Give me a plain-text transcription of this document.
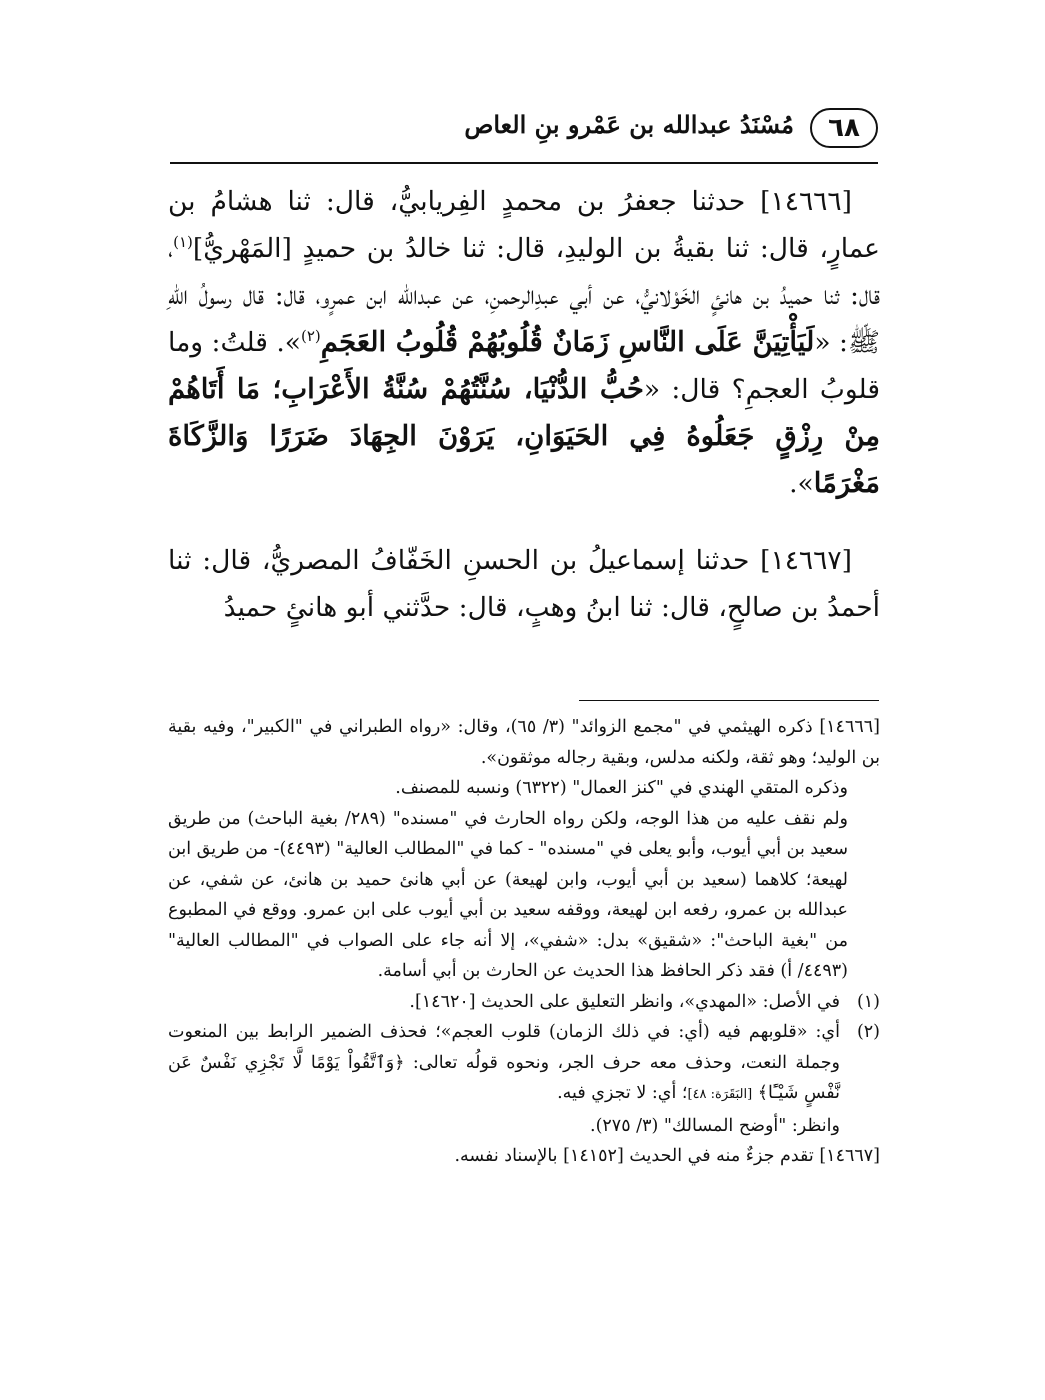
٦٨
مُسْنَدُ عبدالله بن عَمْرو بنِ العاص

[١٤٦٦٦] حدثنا جعفرُ بن محمدٍ الفِريابيُّ، قال: ثنا هشامُ بن عمارٍ، قال: ثنا بقيةُ بن الوليدِ، قال: ثنا خالدُ بن حميدٍ [المَهْريُّ]$^{(١)}$، قال: ثنا حميدُ بن هانئٍ الخَوْلانيُّ، عن أبي عبدِالرحمنِ، عن عبدالله ابن عمرٍو، قال: قال رسولُ اللهِ ﷺ: «لَيَأْتِيَنَّ عَلَى النَّاسِ زَمَانٌ قُلُوبُهُمْ قُلُوبُ العَجَمِ$^{(٢)}$». قلتُ: وما قلوبُ العجمِ؟ قال: «حُبُّ الدُّنْيَا، سُنَّتُهُمْ سُنَّةُ الأَعْرَابِ؛ مَا أَتَاهُمْ مِنْ رِزْقٍ جَعَلُوهُ فِي الحَيَوَانِ، يَرَوْنَ الجِهَادَ ضَرَرًا وَالزَّكَاةَ مَغْرَمًا».

[١٤٦٦٧] حدثنا إسماعيلُ بن الحسنِ الخَفّافُ المصريُّ، قال: ثنا أحمدُ بن صالحٍ، قال: ثنا ابنُ وهبٍ، قال: حدَّثني أبو هانئٍ حميدُ

[١٤٦٦٦] ذكره الهيثمي في "مجمع الزوائد" (٣/ ٦٥)، وقال: «رواه الطبراني في "الكبير"، وفيه بقية بن الوليد؛ وهو ثقة، ولكنه مدلس، وبقية رجاله موثقون».

وذكره المتقي الهندي في "كنز العمال" (٦٣٢٢) ونسبه للمصنف.

ولم نقف عليه من هذا الوجه، ولكن رواه الحارث في "مسنده" (٢٨٩/ بغية الباحث) من طريق سعيد بن أبي أيوب، وأبو يعلى في "مسنده" - كما في "المطالب العالية" (٤٤٩٣)- من طريق ابن لهيعة؛ كلاهما (سعيد بن أبي أيوب، وابن لهيعة) عن أبي هانئ حميد بن هانئ، عن شفي، عن عبدالله بن عمرو، رفعه ابن لهيعة، ووقفه سعيد بن أبي أيوب على ابن عمرو. ووقع في المطبوع من "بغية الباحث": «شقيق» بدل: «شفي»، إلا أنه جاء على الصواب في "المطالب العالية" (٤٤٩٣/ أ) فقد ذكر الحافظ هذا الحديث عن الحارث بن أبي أسامة.

(١)
في الأصل: «المهدي»، وانظر التعليق على الحديث [١٤٦٢٠].
(٢)
أي: «قلوبهم فيه (أي: في ذلك الزمان) قلوب العجم»؛ فحذف الضمير الرابط بين المنعوت وجملة النعت، وحذف معه حرف الجر، ونحوه قولُه تعالى: ﴿وَٱتَّقُواْ يَوْمًا لَّا تَجْزِي نَفْسٌ عَن نَّفْسٍ شَيْـًٔا﴾ [البَقَرَة: ٤٨]؛ أي: لا تجزي فيه.
وانظر: "أوضح المسالك" (٣/ ٢٧٥).

[١٤٦٦٧] تقدم جزءٌ منه في الحديث [١٤١٥٢] بالإسناد نفسه.
